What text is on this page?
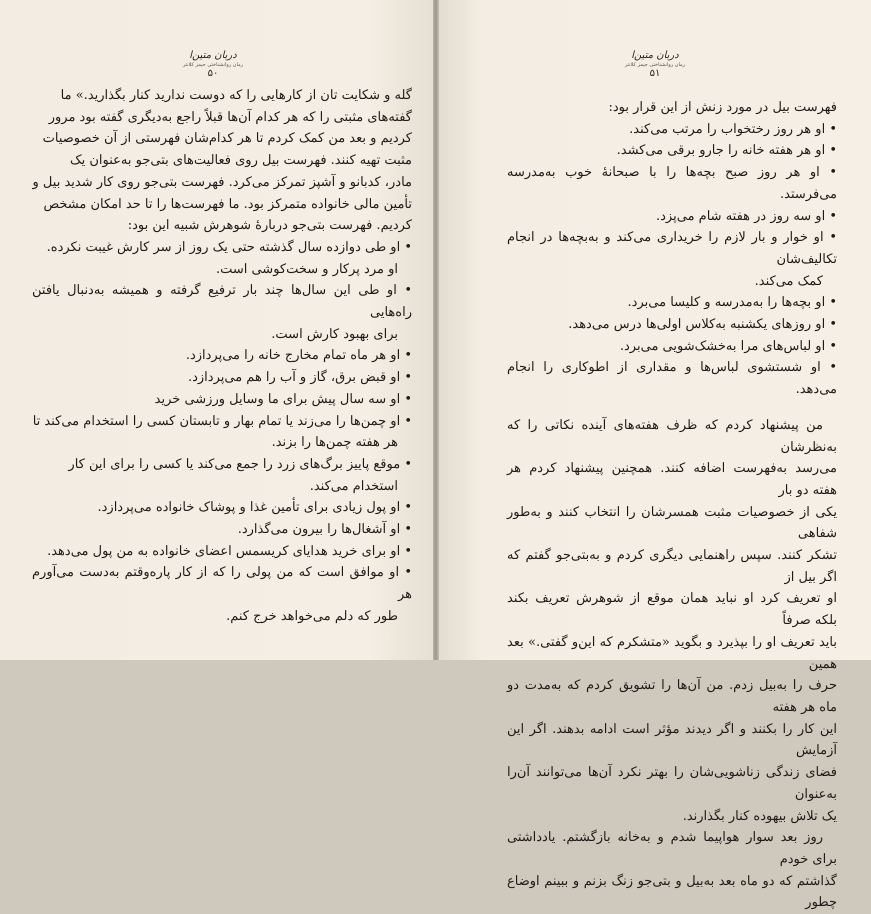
دربان متین‌ا
رمان روانشناختی جیمز کلانتر
۵۰

گله و شکایت تان از کارهایی را که دوست ندارید کنار بگذارید.» ما

گفته‌های مثبتی را که هر کدام آن‌ها قبلاً راجع به‌دیگری گفته بود مرور

کردیم و بعد من کمک کردم تا هر کدام‌شان فهرستی از آن خصوصیات

مثبت تهیه کنند. فهرست بیل روی فعالیت‌های بتی‌جو به‌عنوان یک

مادر، کدبانو و آشپز تمرکز می‌کرد. فهرست بتی‌جو روی کار شدید بیل و

تأمین مالی خانواده متمرکز بود. ما فهرست‌ها را تا حد امکان مشخص

کردیم. فهرست بتی‌جو دربارهٔ شوهرش شبیه این بود:

• او طی دوازده سال گذشته حتی یک روز از سر کارش غیبت نکرده.

او مرد پرکار و سخت‌کوشی است.

• او طی این سال‌ها چند بار ترفیع گرفته و همیشه به‌دنبال یافتن راه‌هایی

برای بهبود کارش است.

• او هر ماه تمام مخارج خانه را می‌پردازد.

• او قبض برق، گاز و آب را هم می‌پردازد.

• او سه سال پیش برای ما وسایل ورزشی خرید

• او چمن‌ها را می‌زند یا تمام بهار و تابستان کسی را استخدام می‌کند تا

هر هفته چمن‌ها را بزند.

• موقع پاییز برگ‌های زرد را جمع می‌کند یا کسی را برای این کار

استخدام می‌کند.

• او پول زیادی برای تأمین غذا و پوشاک خانواده می‌پردازد.

• او آشغال‌ها را بیرون می‌گذارد.

• او برای خرید هدایای کریسمس اعضای خانواده به من پول می‌دهد.

• او موافق است که من پولی را که از کار پاره‌وقتم به‌دست می‌آورم هر

طور که دلم می‌خواهد خرج کنم.

دربان متین‌ا
رمان روانشناختی جیمز کلانتر
۵۱

فهرست بیل در مورد زنش از این قرار بود:

• او هر روز رختخواب را مرتب می‌کند.

• او هر هفته خانه را جارو برقی می‌کشد.

• او هر روز صبح بچه‌ها را با صبحانهٔ خوب به‌مدرسه می‌فرستد.

• او سه روز در هفته شام می‌پزد.

• او خوار و بار لازم را خریداری می‌کند و به‌بچه‌ها در انجام تکالیف‌شان

کمک می‌کند.

• او بچه‌ها را به‌مدرسه و کلیسا می‌برد.

• او روزهای یکشنبه به‌کلاس اولی‌ها درس می‌دهد.

• او لباس‌های مرا به‌خشک‌شویی می‌برد.

• او شستشوی لباس‌ها و مقداری از اطوکاری را انجام می‌دهد.

من پیشنهاد کردم که ظرف هفته‌های آینده نکاتی را که به‌نظرشان

می‌رسد به‌فهرست اضافه کنند. همچنین پیشنهاد کردم هر هفته دو بار

یکی از خصوصیات مثبت همسرشان را انتخاب کنند و به‌طور شفاهی

تشکر کنند. سپس راهنمایی دیگری کردم و به‌بتی‌جو گفتم که اگر بیل از

او تعریف کرد او نباید همان موقع از شوهرش تعریف بکند بلکه صرفاً

باید تعریف او را بپذیرد و بگوید «متشکرم که این‌و گفتی.» بعد همین

حرف را به‌بیل زدم. من آن‌ها را تشویق کردم که به‌مدت دو ماه هر هفته

این کار را بکنند و اگر دیدند مؤثر است ادامه بدهند. اگر این آزمایش

فضای زندگی زناشویی‌شان را بهتر نکرد آن‌ها می‌توانند آن‌را به‌عنوان

یک تلاش بیهوده کنار بگذارند.

روز بعد سوار هواپیما شدم و به‌خانه بازگشتم. یادداشتی برای خودم

گذاشتم که دو ماه بعد به‌بیل و بتی‌جو زنگ بزنم و ببینم اوضاع چطور
